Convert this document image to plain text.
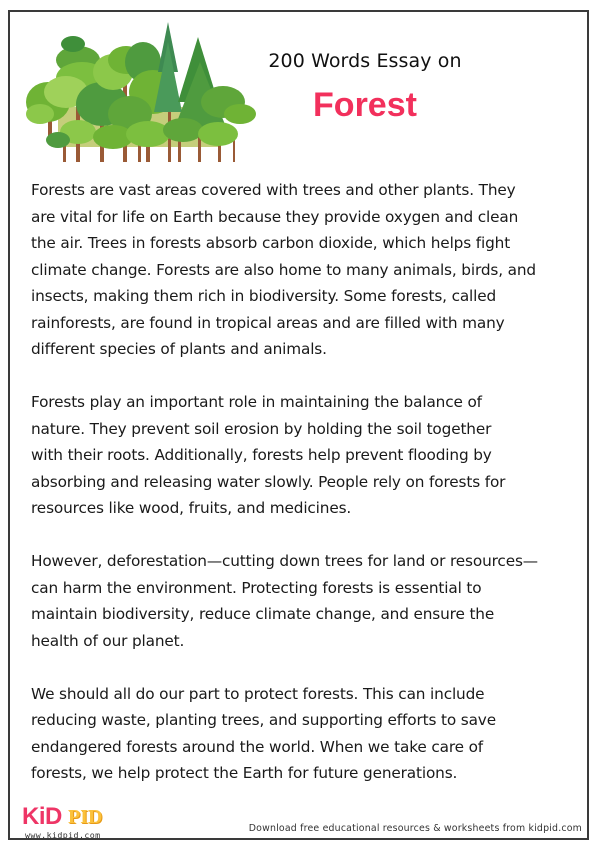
200 Words Essay on
Forest

Forests are vast areas covered with trees and other plants. They
are vital for life on Earth because they provide oxygen and clean
the air. Trees in forests absorb carbon dioxide, which helps fight
climate change. Forests are also home to many animals, birds, and
insects, making them rich in biodiversity. Some forests, called
rainforests, are found in tropical areas and are filled with many
different species of plants and animals.

Forests play an important role in maintaining the balance of
nature. They prevent soil erosion by holding the soil together
with their roots. Additionally, forests help prevent flooding by
absorbing and releasing water slowly. People rely on forests for
resources like wood, fruits, and medicines.

However, deforestation—cutting down trees for land or resources—
can harm the environment. Protecting forests is essential to
maintain biodiversity, reduce climate change, and ensure the
health of our planet.

We should all do our part to protect forests. This can include
reducing waste, planting trees, and supporting efforts to save
endangered forests around the world. When we take care of
forests, we help protect the Earth for future generations.

KiD PID
www.kidpid.com
Download free educational resources & worksheets from kidpid.com
